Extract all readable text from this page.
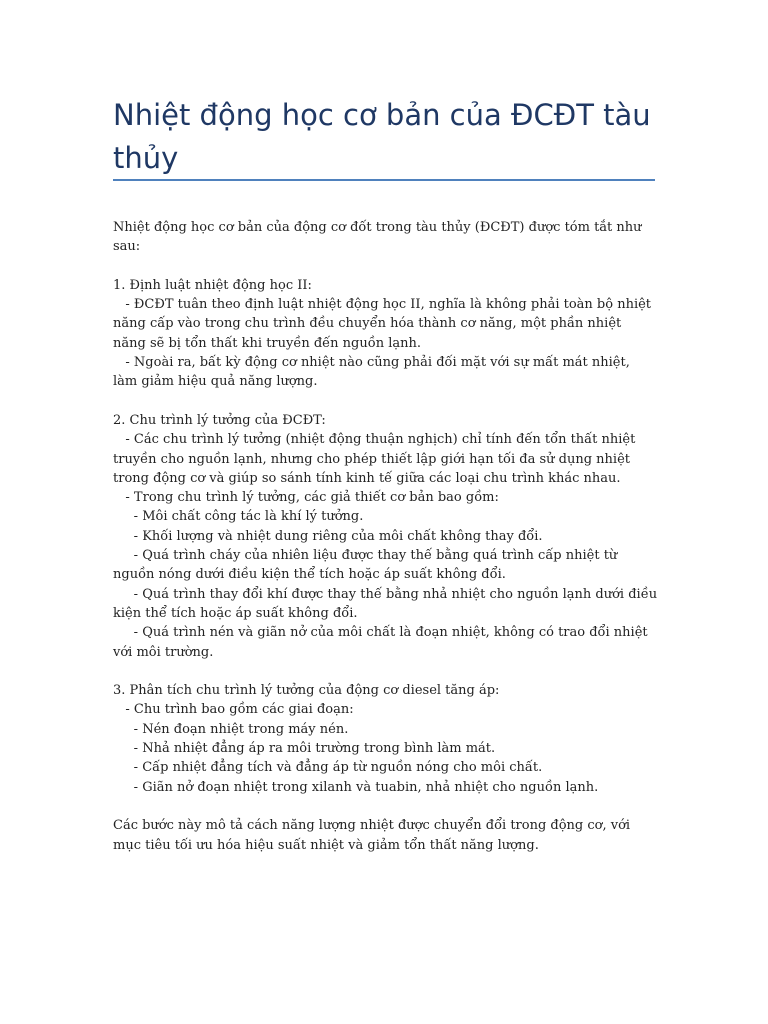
Nhiệt động học cơ bản của ĐCĐT tàu thủy

Nhiệt động học cơ bản của động cơ đốt trong tàu thủy (ĐCĐT) được tóm tắt như sau:

1. Định luật nhiệt động học II:

- ĐCĐT tuân theo định luật nhiệt động học II, nghĩa là không phải toàn bộ nhiệt năng cấp vào trong chu trình đều chuyển hóa thành cơ năng, một phần nhiệt năng sẽ bị tổn thất khi truyền đến nguồn lạnh.

- Ngoài ra, bất kỳ động cơ nhiệt nào cũng phải đối mặt với sự mất mát nhiệt, làm giảm hiệu quả năng lượng.

2. Chu trình lý tưởng của ĐCĐT:

- Các chu trình lý tưởng (nhiệt động thuận nghịch) chỉ tính đến tổn thất nhiệt truyền cho nguồn lạnh, nhưng cho phép thiết lập giới hạn tối đa sử dụng nhiệt trong động cơ và giúp so sánh tính kinh tế giữa các loại chu trình khác nhau.

- Trong chu trình lý tưởng, các giả thiết cơ bản bao gồm:

- Môi chất công tác là khí lý tưởng.

- Khối lượng và nhiệt dung riêng của môi chất không thay đổi.

- Quá trình cháy của nhiên liệu được thay thế bằng quá trình cấp nhiệt từ nguồn nóng dưới điều kiện thể tích hoặc áp suất không đổi.

- Quá trình thay đổi khí được thay thế bằng nhả nhiệt cho nguồn lạnh dưới điều kiện thể tích hoặc áp suất không đổi.

- Quá trình nén và giãn nở của môi chất là đoạn nhiệt, không có trao đổi nhiệt với môi trường.

3. Phân tích chu trình lý tưởng của động cơ diesel tăng áp:

- Chu trình bao gồm các giai đoạn:

- Nén đoạn nhiệt trong máy nén.

- Nhả nhiệt đẳng áp ra môi trường trong bình làm mát.

- Cấp nhiệt đẳng tích và đẳng áp từ nguồn nóng cho môi chất.

- Giãn nở đoạn nhiệt trong xilanh và tuabin, nhả nhiệt cho nguồn lạnh.

Các bước này mô tả cách năng lượng nhiệt được chuyển đổi trong động cơ, với mục tiêu tối ưu hóa hiệu suất nhiệt và giảm tổn thất năng lượng.
